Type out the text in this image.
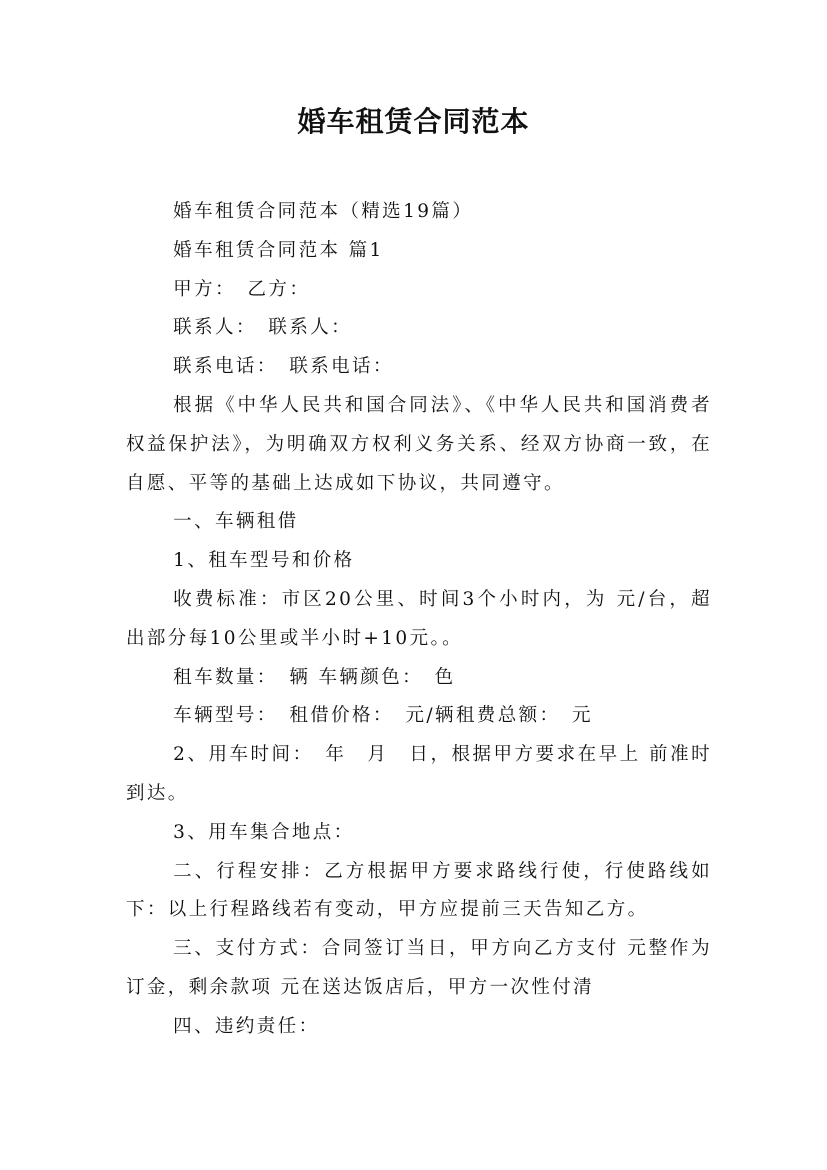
婚车租赁合同范本

婚车租赁合同范本（精选19篇）

婚车租赁合同范本 篇1

甲方：　乙方：

联系人：　联系人：

联系电话：　联系电话：

根据《中华人民共和国合同法》、《中华人民共和国消费者权益保护法》，为明确双方权利义务关系、经双方协商一致，在自愿、平等的基础上达成如下协议，共同遵守。

一、车辆租借

1、租车型号和价格

收费标准：市区20公里、时间3个小时内，为 元/台，超出部分每10公里或半小时+10元。。

租车数量：　辆 车辆颜色：　色

车辆型号：　租借价格：　元/辆租费总额：　元

2、用车时间：　年　月　日，根据甲方要求在早上 前准时到达。

3、用车集合地点：

二、行程安排：乙方根据甲方要求路线行使，行使路线如下：以上行程路线若有变动，甲方应提前三天告知乙方。

三、支付方式：合同签订当日，甲方向乙方支付 元整作为订金，剩余款项 元在送达饭店后，甲方一次性付清

四、违约责任：
